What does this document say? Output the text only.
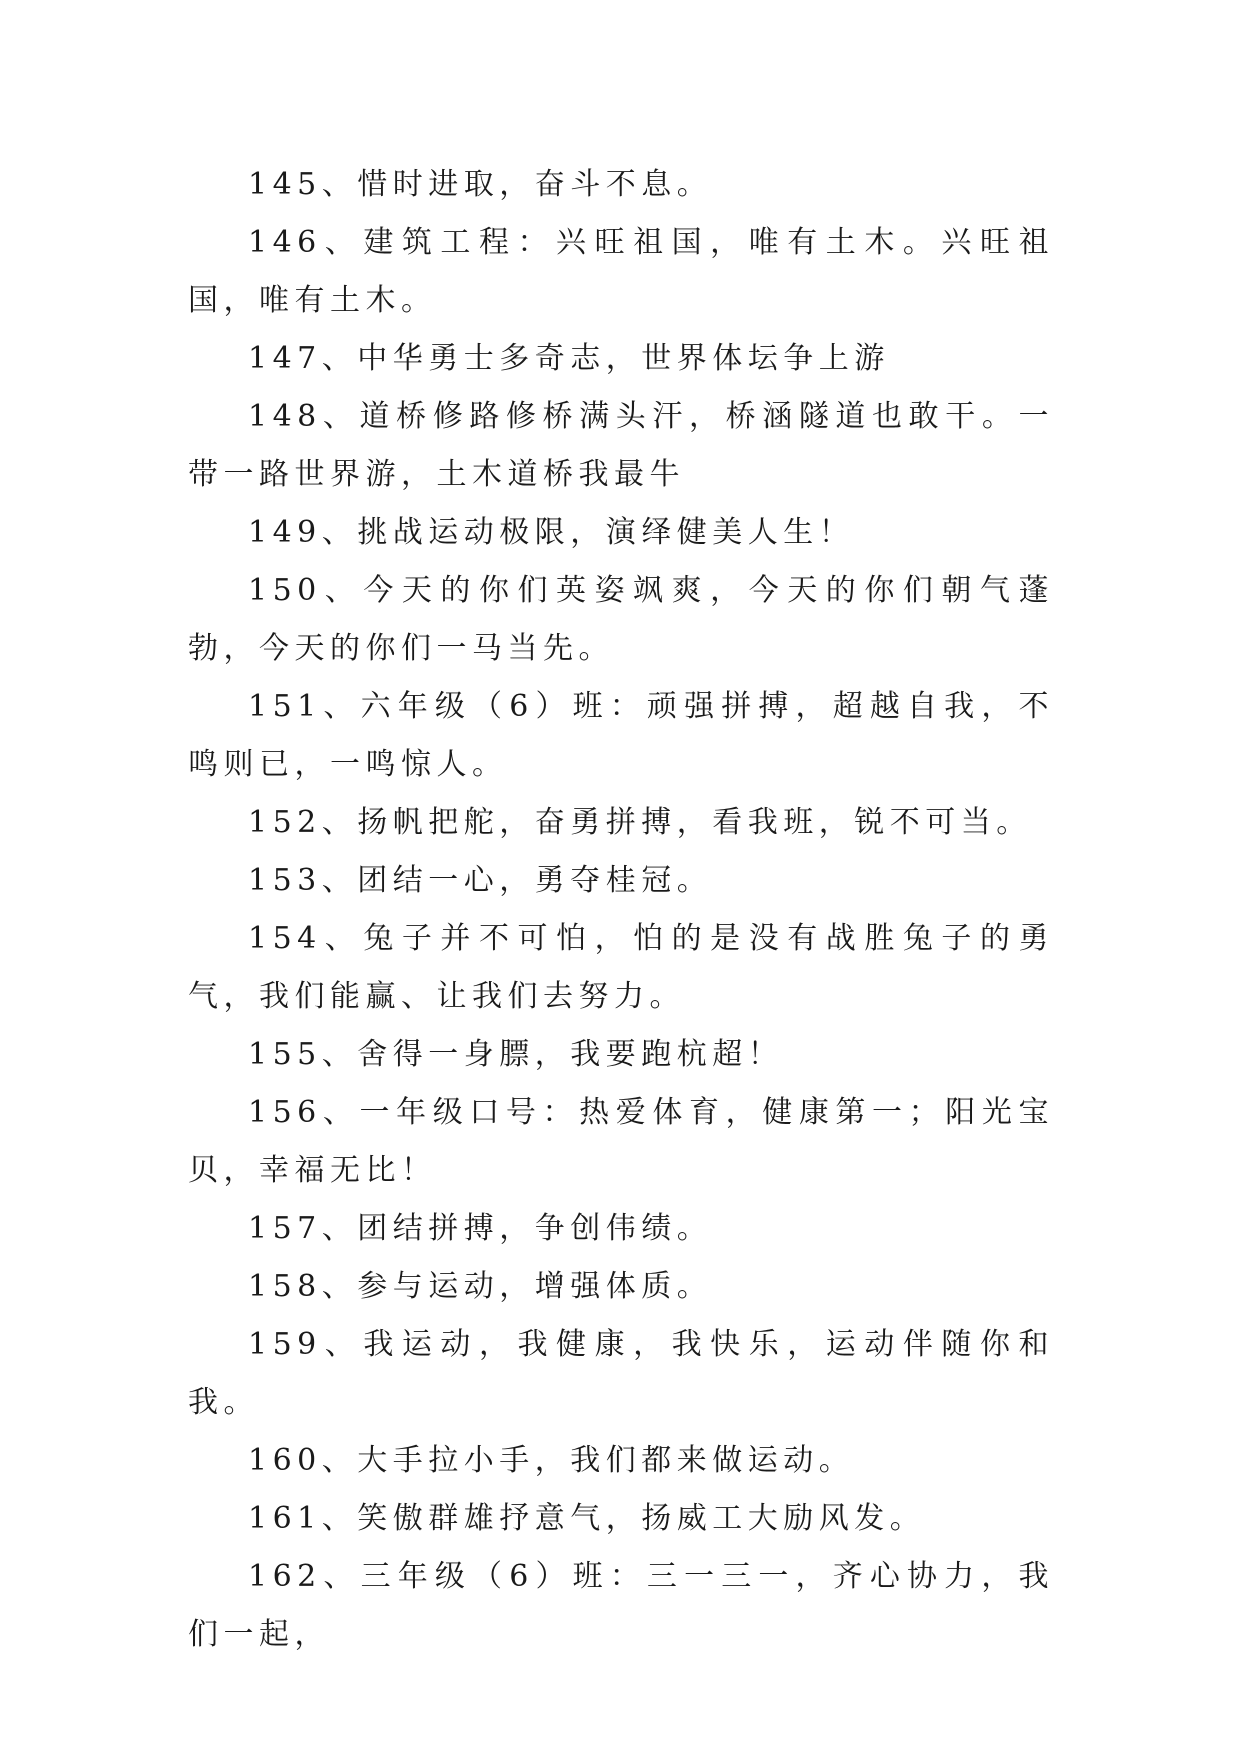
145、惜时进取，奋斗不息。

146、建筑工程：兴旺祖国，唯有土木。兴旺祖国，唯有土木。

147、中华勇士多奇志，世界体坛争上游

148、道桥修路修桥满头汗，桥涵隧道也敢干。一带一路世界游，土木道桥我最牛

149、挑战运动极限，演绎健美人生！

150、今天的你们英姿飒爽，今天的你们朝气蓬勃，今天的你们一马当先。

151、六年级（6）班：顽强拼搏，超越自我，不鸣则已，一鸣惊人。

152、扬帆把舵，奋勇拼搏，看我班，锐不可当。

153、团结一心，勇夺桂冠。

154、兔子并不可怕，怕的是没有战胜兔子的勇气，我们能赢、让我们去努力。

155、舍得一身膘，我要跑杭超！

156、一年级口号：热爱体育，健康第一；阳光宝贝，幸福无比！

157、团结拼搏，争创伟绩。

158、参与运动，增强体质。

159、我运动，我健康，我快乐，运动伴随你和我。

160、大手拉小手，我们都来做运动。

161、笑傲群雄抒意气，扬威工大励风发。

162、三年级（6）班：三一三一，齐心协力，我们一起，
